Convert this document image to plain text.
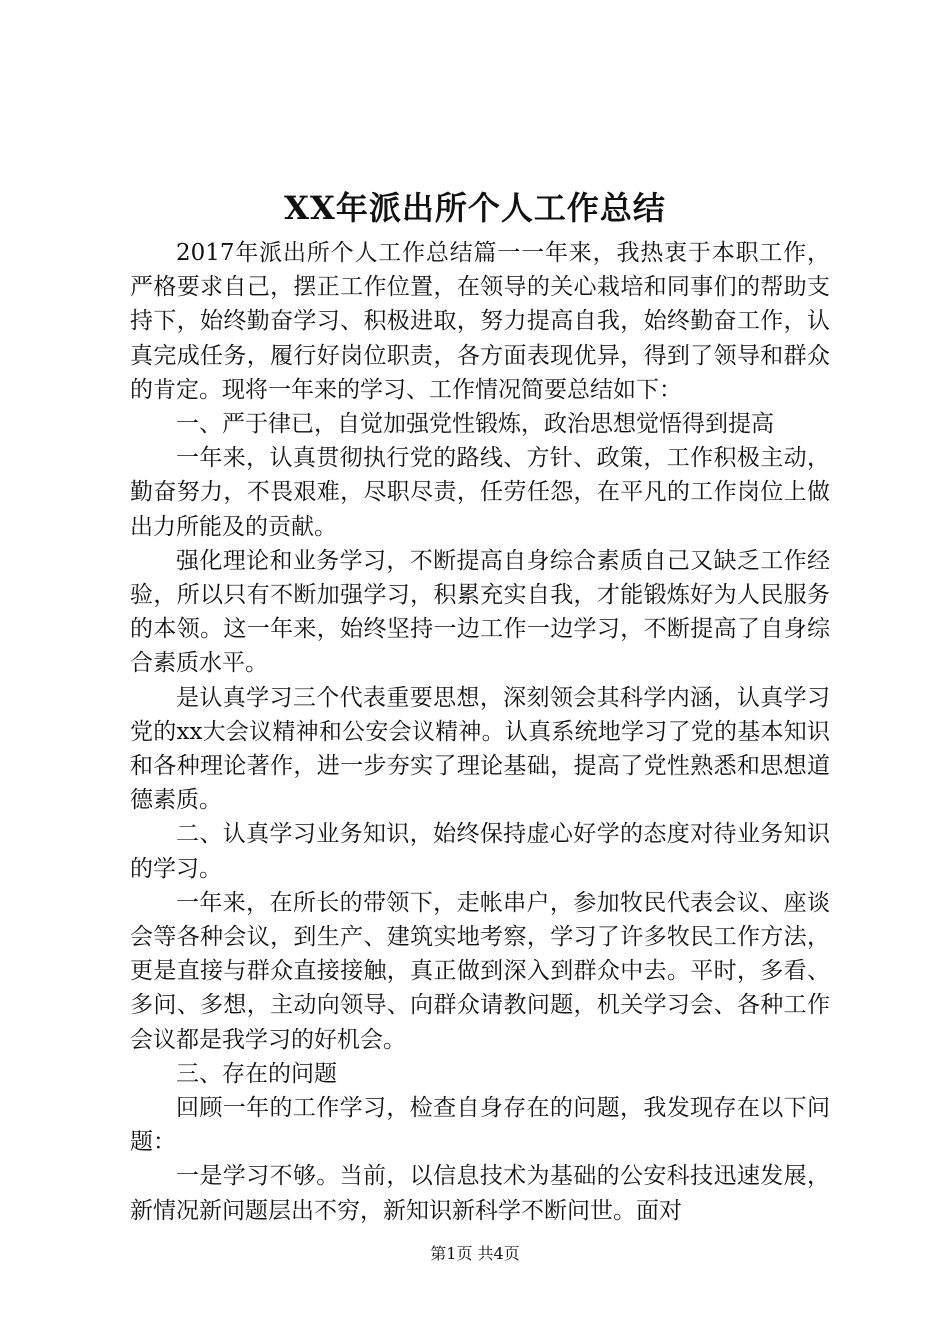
XX年派出所个人工作总结

2017年派出所个人工作总结篇一一年来，我热衷于本职工作，严格要求自己，摆正工作位置，在领导的关心栽培和同事们的帮助支持下，始终勤奋学习、积极进取，努力提高自我，始终勤奋工作，认真完成任务，履行好岗位职责，各方面表现优异，得到了领导和群众的肯定。现将一年来的学习、工作情况简要总结如下：

一、严于律已，自觉加强党性锻炼，政治思想觉悟得到提高

一年来，认真贯彻执行党的路线、方针、政策，工作积极主动，勤奋努力，不畏艰难，尽职尽责，任劳任怨，在平凡的工作岗位上做出力所能及的贡献。

强化理论和业务学习，不断提高自身综合素质自己又缺乏工作经验，所以只有不断加强学习，积累充实自我，才能锻炼好为人民服务的本领。这一年来，始终坚持一边工作一边学习，不断提高了自身综合素质水平。

是认真学习三个代表重要思想，深刻领会其科学内涵，认真学习党的xx大会议精神和公安会议精神。认真系统地学习了党的基本知识和各种理论著作，进一步夯实了理论基础，提高了党性熟悉和思想道德素质。

二、认真学习业务知识，始终保持虚心好学的态度对待业务知识的学习。

一年来，在所长的带领下，走帐串户，参加牧民代表会议、座谈会等各种会议，到生产、建筑实地考察，学习了许多牧民工作方法，更是直接与群众直接接触，真正做到深入到群众中去。平时，多看、多问、多想，主动向领导、向群众请教问题，机关学习会、各种工作会议都是我学习的好机会。

三、存在的问题

回顾一年的工作学习，检查自身存在的问题，我发现存在以下问题：

一是学习不够。当前，以信息技术为基础的公安科技迅速发展，新情况新问题层出不穷，新知识新科学不断问世。面对

第1页 共4页
